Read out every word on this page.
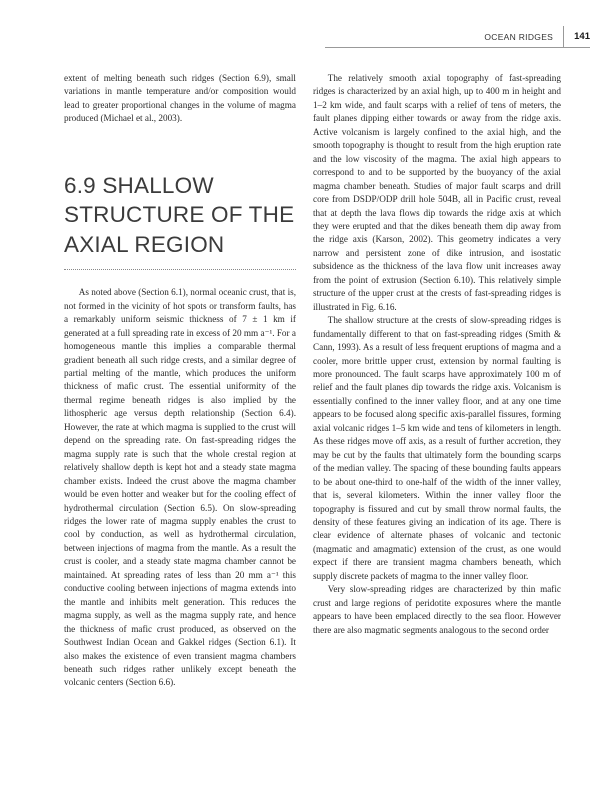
OCEAN RIDGES	141

extent of melting beneath such ridges (Section 6.9), small variations in mantle temperature and/or composition would lead to greater proportional changes in the volume of magma produced (Michael et al., 2003).

6.9 SHALLOW STRUCTURE OF THE AXIAL REGION

As noted above (Section 6.1), normal oceanic crust, that is, not formed in the vicinity of hot spots or transform faults, has a remarkably uniform seismic thickness of 7 ± 1 km if generated at a full spreading rate in excess of 20 mm a⁻¹. For a homogeneous mantle this implies a comparable thermal gradient beneath all such ridge crests, and a similar degree of partial melting of the mantle, which produces the uniform thickness of mafic crust. The essential uniformity of the thermal regime beneath ridges is also implied by the lithospheric age versus depth relationship (Section 6.4). However, the rate at which magma is supplied to the crust will depend on the spreading rate. On fast-spreading ridges the magma supply rate is such that the whole crestal region at relatively shallow depth is kept hot and a steady state magma chamber exists. Indeed the crust above the magma chamber would be even hotter and weaker but for the cooling effect of hydrothermal circulation (Section 6.5). On slow-spreading ridges the lower rate of magma supply enables the crust to cool by conduction, as well as hydrothermal circulation, between injections of magma from the mantle. As a result the crust is cooler, and a steady state magma chamber cannot be maintained. At spreading rates of less than 20 mm a⁻¹ this conductive cooling between injections of magma extends into the mantle and inhibits melt generation. This reduces the magma supply, as well as the magma supply rate, and hence the thickness of mafic crust produced, as observed on the Southwest Indian Ocean and Gakkel ridges (Section 6.1). It also makes the existence of even transient magma chambers beneath such ridges rather unlikely except beneath the volcanic centers (Section 6.6).

The relatively smooth axial topography of fast-spreading ridges is characterized by an axial high, up to 400 m in height and 1–2 km wide, and fault scarps with a relief of tens of meters, the fault planes dipping either towards or away from the ridge axis. Active volcanism is largely confined to the axial high, and the smooth topography is thought to result from the high eruption rate and the low viscosity of the magma. The axial high appears to correspond to and to be supported by the buoyancy of the axial magma chamber beneath. Studies of major fault scarps and drill core from DSDP/ODP drill hole 504B, all in Pacific crust, reveal that at depth the lava flows dip towards the ridge axis at which they were erupted and that the dikes beneath them dip away from the ridge axis (Karson, 2002). This geometry indicates a very narrow and persistent zone of dike intrusion, and isostatic subsidence as the thickness of the lava flow unit increases away from the point of extrusion (Section 6.10). This relatively simple structure of the upper crust at the crests of fast-spreading ridges is illustrated in Fig. 6.16.

The shallow structure at the crests of slow-spreading ridges is fundamentally different to that on fast-spreading ridges (Smith & Cann, 1993). As a result of less frequent eruptions of magma and a cooler, more brittle upper crust, extension by normal faulting is more pronounced. The fault scarps have approximately 100 m of relief and the fault planes dip towards the ridge axis. Volcanism is essentially confined to the inner valley floor, and at any one time appears to be focused along specific axis-parallel fissures, forming axial volcanic ridges 1–5 km wide and tens of kilometers in length. As these ridges move off axis, as a result of further accretion, they may be cut by the faults that ultimately form the bounding scarps of the median valley. The spacing of these bounding faults appears to be about one-third to one-half of the width of the inner valley, that is, several kilometers. Within the inner valley floor the topography is fissured and cut by small throw normal faults, the density of these features giving an indication of its age. There is clear evidence of alternate phases of volcanic and tectonic (magmatic and amagmatic) extension of the crust, as one would expect if there are transient magma chambers beneath, which supply discrete packets of magma to the inner valley floor.

Very slow-spreading ridges are characterized by thin mafic crust and large regions of peridotite exposures where the mantle appears to have been emplaced directly to the sea floor. However there are also magmatic segments analogous to the second order
